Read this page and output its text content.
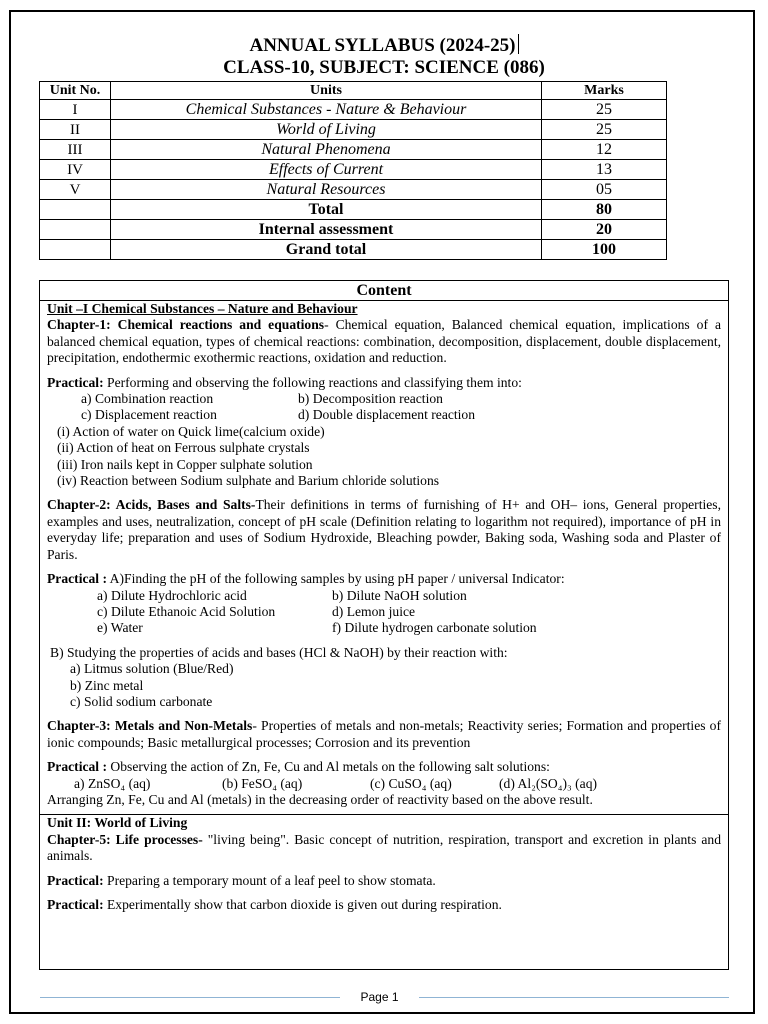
ANNUAL SYLLABUS (2024-25)
CLASS-10, SUBJECT: SCIENCE (086)
Unit No.	Units	Marks
I	Chemical Substances - Nature & Behaviour	25
II	World of Living	25
III	Natural Phenomena	12
IV	Effects of Current	13
V	Natural Resources	05
	Total	80
	Internal assessment	20
	Grand total	100
Content
Unit –I Chemical Substances – Nature and Behaviour

Chapter-1: Chemical reactions and equations- Chemical equation, Balanced chemical equation, implications of a balanced chemical equation, types of chemical reactions: combination, decomposition, displacement, double displacement, precipitation, endothermic exothermic reactions, oxidation and reduction.

Practical: Performing and observing the following reactions and classifying them into:

a) Combination reaction	b) Decomposition reaction
c) Displacement reaction	d) Double displacement reaction
(i) Action of water on Quick lime(calcium oxide)
(ii) Action of heat on Ferrous sulphate crystals
(iii) Iron nails kept in Copper sulphate solution
(iv) Reaction between Sodium sulphate and Barium chloride solutions

Chapter-2: Acids, Bases and Salts-Their definitions in terms of furnishing of H+ and OH– ions, General properties, examples and uses, neutralization, concept of pH scale (Definition relating to logarithm not required), importance of pH in everyday life; preparation and uses of Sodium Hydroxide, Bleaching powder, Baking soda, Washing soda and Plaster of Paris.

Practical : A)Finding the pH of the following samples by using pH paper / universal Indicator:

a) Dilute Hydrochloric acid	b) Dilute NaOH solution
c) Dilute Ethanoic Acid Solution	d) Lemon juice
e) Water	f) Dilute hydrogen carbonate solution
B) Studying the properties of acids and bases (HCl & NaOH) by their reaction with:
a) Litmus solution (Blue/Red)
b) Zinc metal
c) Solid sodium carbonate

Chapter-3: Metals and Non-Metals- Properties of metals and non-metals; Reactivity series; Formation and properties of ionic compounds; Basic metallurgical processes; Corrosion and its prevention

Practical : Observing the action of Zn, Fe, Cu and Al metals on the following salt solutions:

a) ZnSO₄ (aq)	(b) FeSO₄ (aq)	(c) CuSO₄ (aq)	(d) Al₂(SO₄)₃ (aq)
Arranging Zn, Fe, Cu and Al (metals) in the decreasing order of reactivity based on the above result.
Unit II: World of Living

Chapter-5: Life processes- "living being". Basic concept of nutrition, respiration, transport and excretion in plants and animals.

Practical: Preparing a temporary mount of a leaf peel to show stomata.

Practical: Experimentally show that carbon dioxide is given out during respiration.

Page 1
